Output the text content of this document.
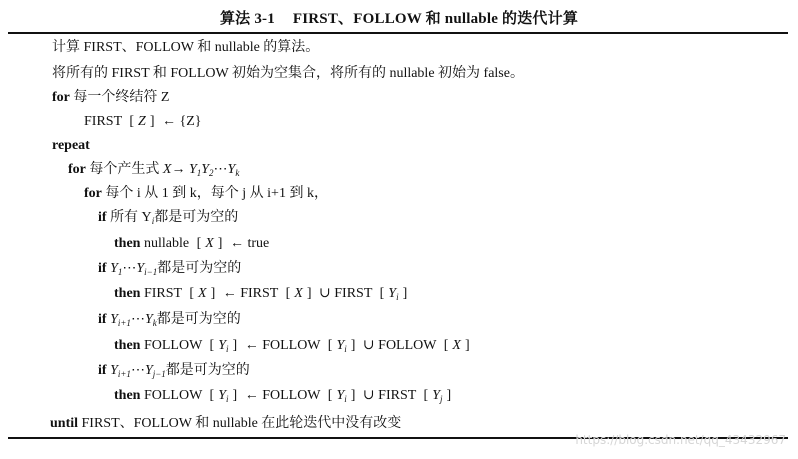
算法 3-1 FIRST、FOLLOW 和 nullable 的迭代计算
计算 FIRST、FOLLOW 和 nullable 的算法。
将所有的 FIRST 和 FOLLOW 初始为空集合，将所有的 nullable 初始为 false。
for 每一个终结符 Z
FIRST [ Z ] ← {Z}
repeat
for 每个产生式 $X\to Y_1Y_2\cdots Y_k$
for 每个 i 从 1 到 k，每个 j 从 i+1 到 k，
if 所有 $Y_i$都是可为空的
then nullable [ X ] ← true
if $Y_1\cdots Y_{i-1}$都是可为空的
then FIRST [ X ] ← FIRST [ X ] ∪ FIRST [ $Y_i$ ]
if $Y_{i+1}\cdots Y_k$都是可为空的
then FOLLOW [ $Y_i$ ] ← FOLLOW [ $Y_i$ ] ∪ FOLLOW [ X ]
if $Y_{i+1}\cdots Y_{j-1}$都是可为空的
then FOLLOW [ $Y_i$ ] ← FOLLOW [ $Y_i$ ] ∪ FIRST [ $Y_j$ ]
until FIRST、FOLLOW 和 nullable 在此轮迭代中没有改变
https://blog.csdn.net/qq_43432967
